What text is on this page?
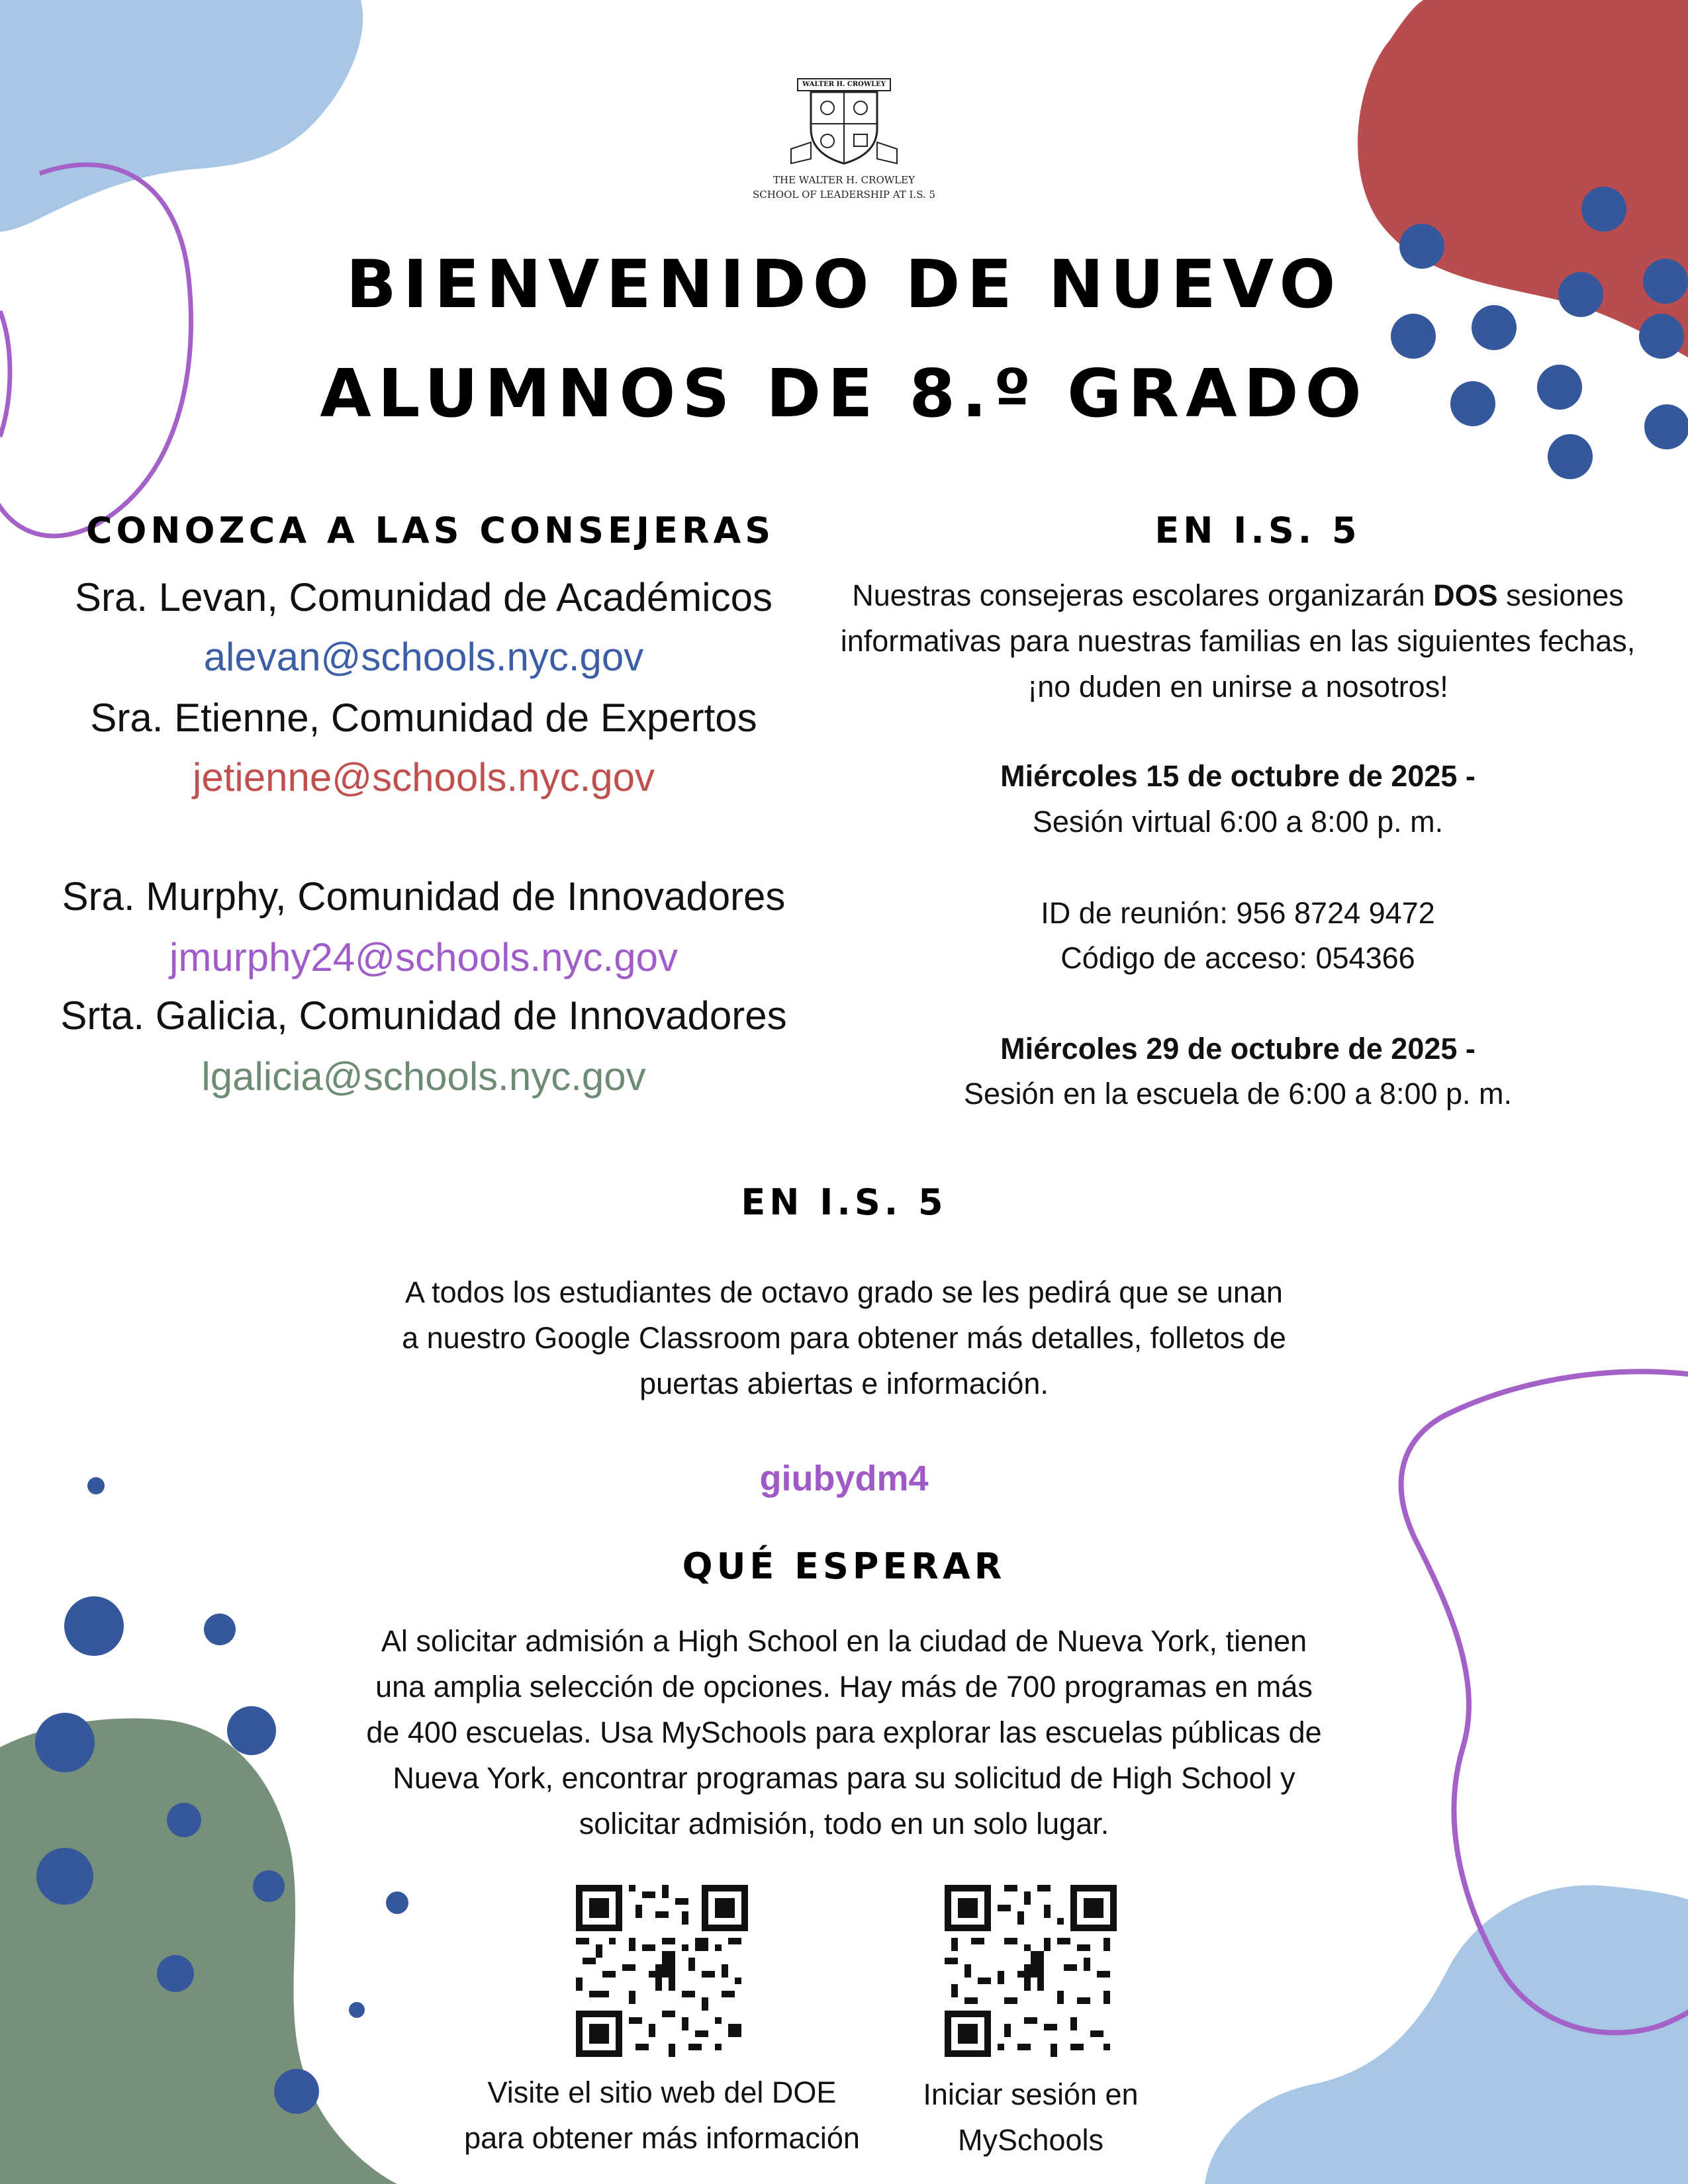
WALTER H. CROWLEY
THE WALTER H. CROWLEY
SCHOOL OF LEADERSHIP AT I.S. 5
BIENVENIDO DE NUEVO
ALUMNOS DE 8.º GRADO
CONOZCA A LAS CONSEJERAS
Sra. Levan, Comunidad de Académicos
alevan@schools.nyc.gov
Sra. Etienne, Comunidad de Expertos
jetienne@schools.nyc.gov
Sra. Murphy, Comunidad de Innovadores
jmurphy24@schools.nyc.gov
Srta. Galicia, Comunidad de Innovadores
lgalicia@schools.nyc.gov
EN I.S. 5
Nuestras consejeras escolares organizarán DOS sesiones informativas para nuestras familias en las siguientes fechas, ¡no duden en unirse a nosotros!
Miércoles 15 de octubre de 2025 -
Sesión virtual 6:00 a 8:00 p. m.
ID de reunión: 956 8724 9472
Código de acceso: 054366
Miércoles 29 de octubre de 2025 -
Sesión en la escuela de 6:00 a 8:00 p. m.
EN I.S. 5
A todos los estudiantes de octavo grado se les pedirá que se unan a nuestro Google Classroom para obtener más detalles, folletos de puertas abiertas e información.
giubydm4
QUÉ ESPERAR
Al solicitar admisión a High School en la ciudad de Nueva York, tienen una amplia selección de opciones. Hay más de 700 programas en más de 400 escuelas. Usa MySchools para explorar las escuelas públicas de Nueva York, encontrar programas para su solicitud de High School y solicitar admisión, todo en un solo lugar.
Visite el sitio web del DOE
para obtener más información
Iniciar sesión en
MySchools
